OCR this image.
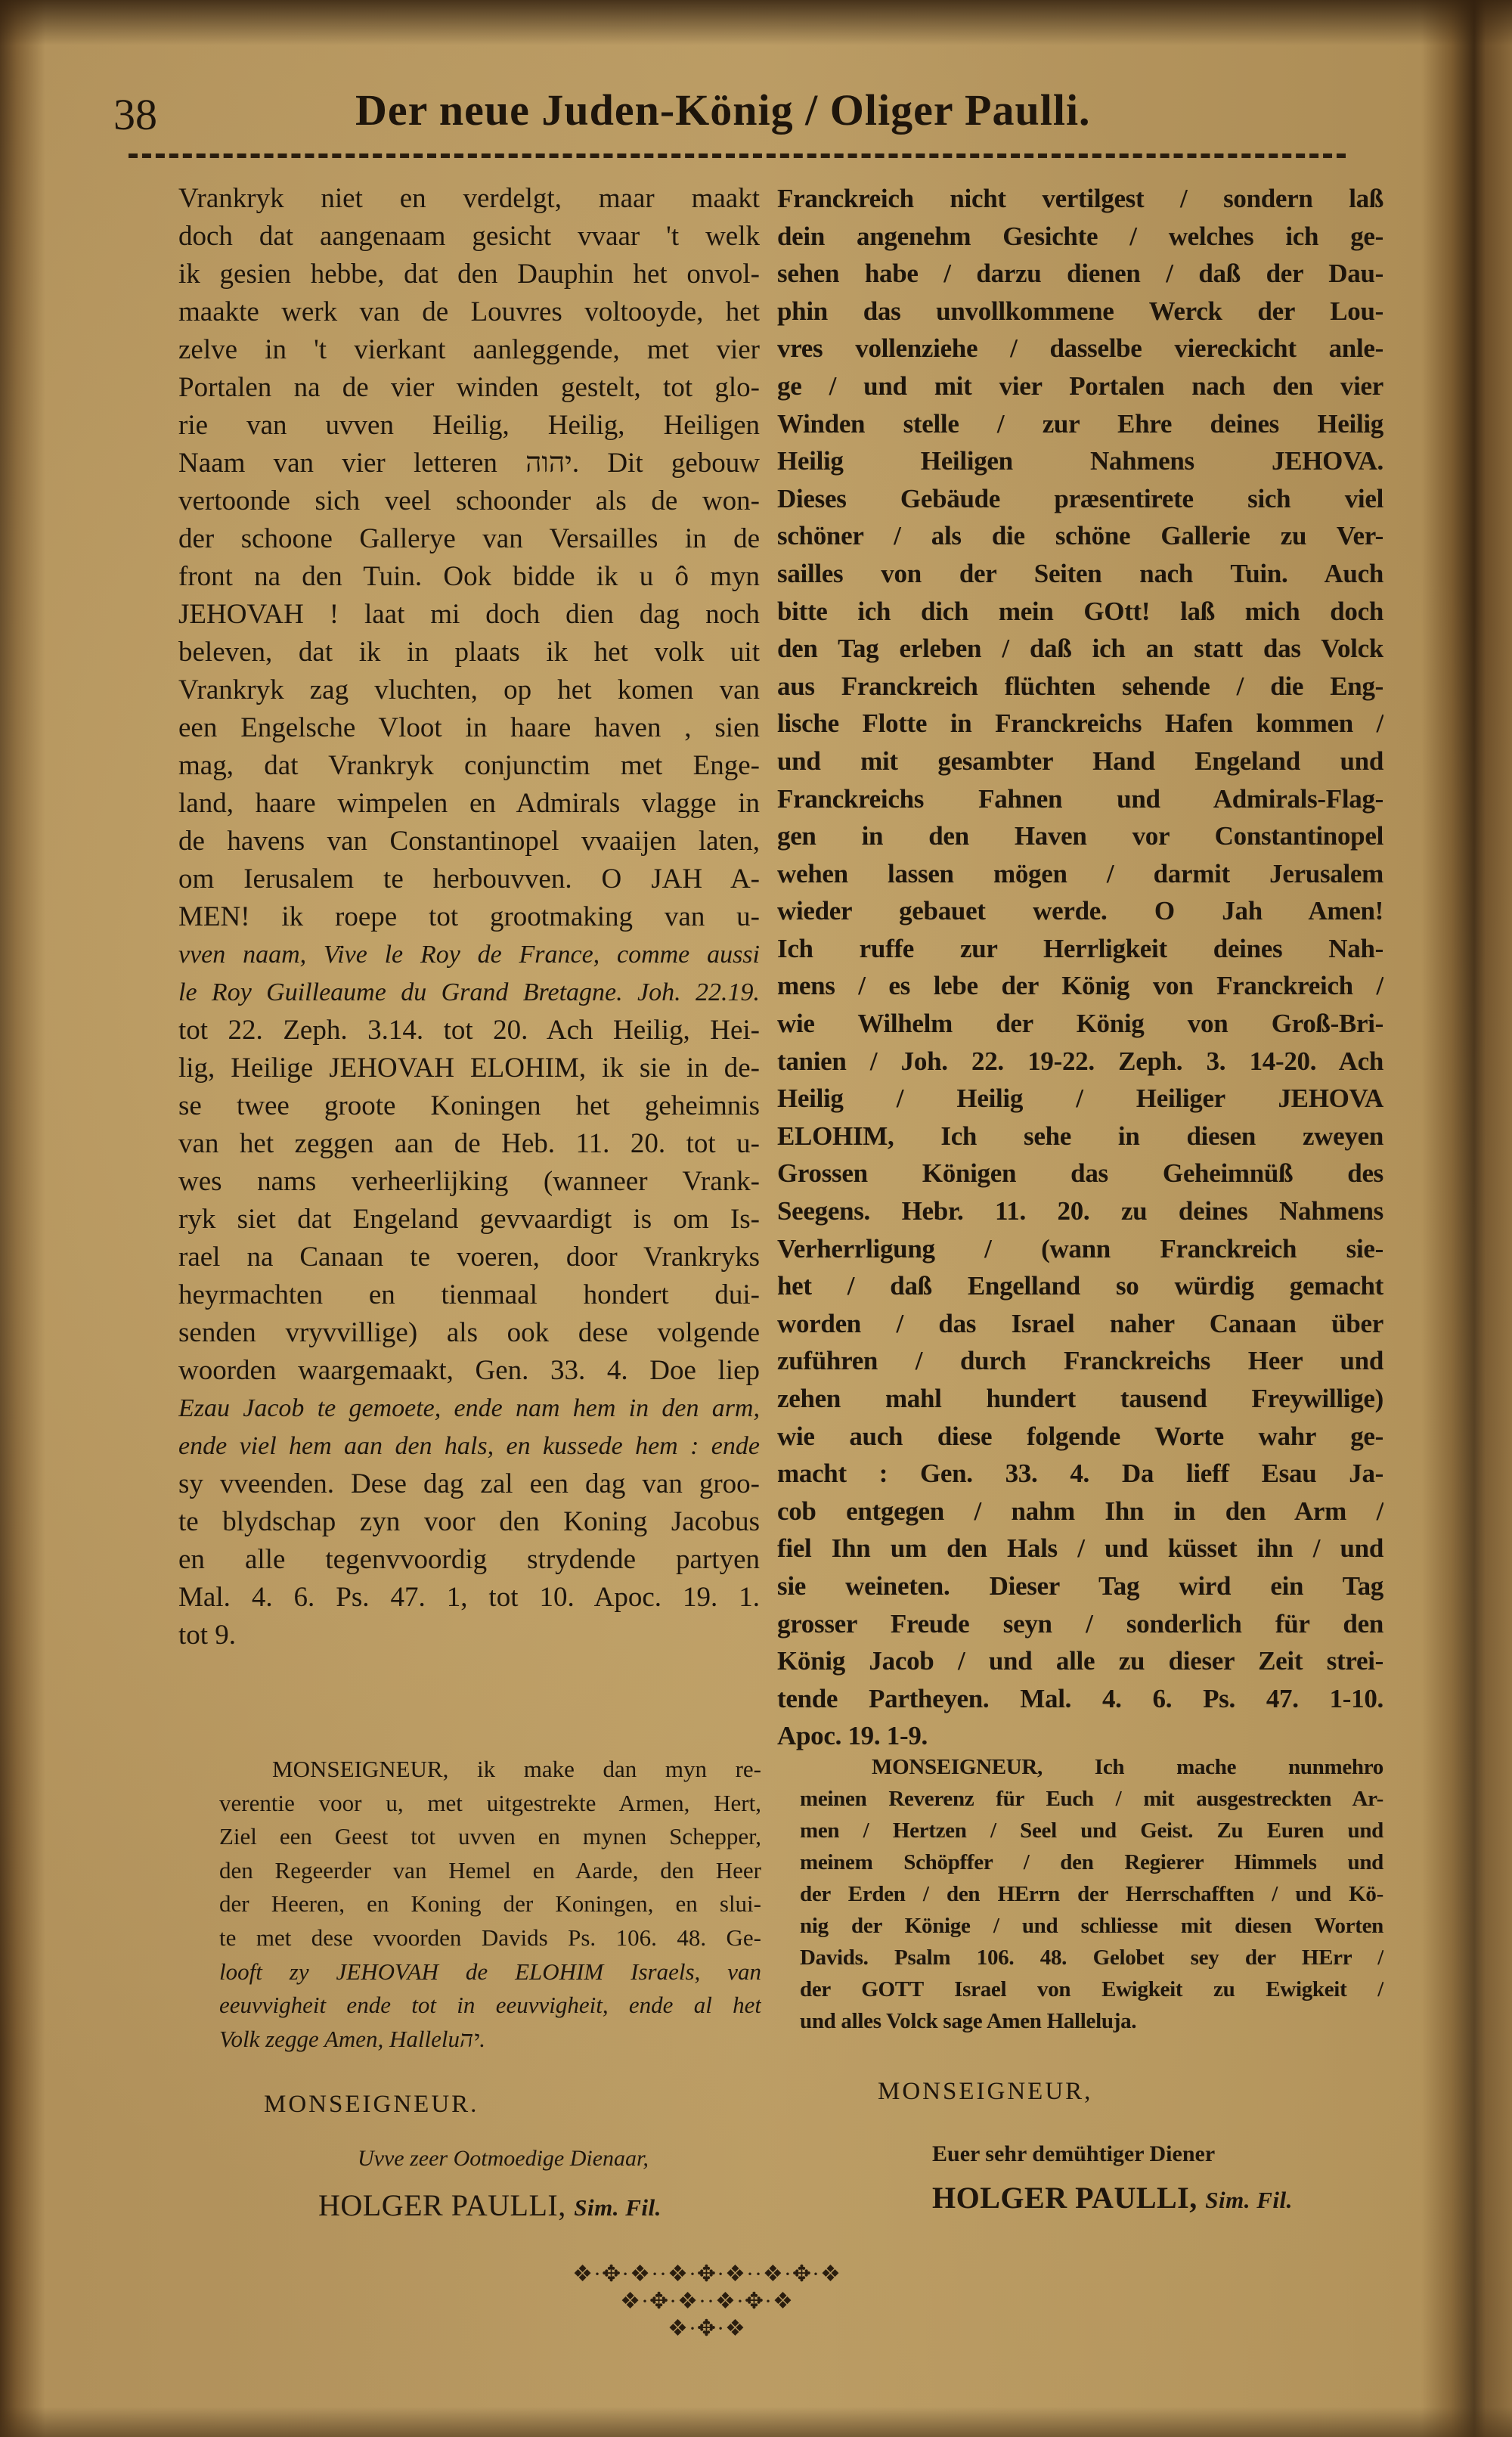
38	Der neue Juden-König / Oliger Paulli.
Vrankryk niet en verdelgt, maar maakt
doch dat aangenaam gesicht vvaar 't welk
ik gesien hebbe, dat den Dauphin het onvol-
maakte werk van de Louvres voltooyde, het
zelve in 't vierkant aanleggende, met vier
Portalen na de vier winden gestelt, tot glo-
rie van uvven Heilig, Heilig, Heiligen
Naam van vier letteren יהוה. Dit gebouw
vertoonde sich veel schoonder als de won-
der schoone Gallerye van Versailles in de
front na den Tuin. Ook bidde ik u ô myn
JEHOVAH ! laat mi doch dien dag noch
beleven, dat ik in plaats ik het volk uit
Vrankryk zag vluchten, op het komen van
een Engelsche Vloot in haare haven , sien
mag, dat Vrankryk conjunctim met Enge-
land, haare wimpelen en Admirals vlagge in
de havens van Constantinopel vvaaijen laten,
om Ierusalem te herbouvven. O JAH A-
MEN! ik roepe tot grootmaking van u-
vven naam, Vive le Roy de France, comme aussi
le Roy Guilleaume du Grand Bretagne. Joh. 22.19.
tot 22. Zeph. 3.14. tot 20. Ach Heilig, Hei-
lig, Heilige JEHOVAH ELOHIM, ik sie in de-
se twee groote Koningen het geheimnis
van het zeggen aan de Heb. 11. 20. tot u-
wes nams verheerlijking (wanneer Vrank-
ryk siet dat Engeland gevvaardigt is om Is-
rael na Canaan te voeren, door Vrankryks
heyrmachten en tienmaal hondert dui-
senden vryvvillige) als ook dese volgende
woorden waargemaakt, Gen. 33. 4. Doe liep
Ezau Jacob te gemoete, ende nam hem in den arm,
ende viel hem aan den hals, en kussede hem : ende
sy vveenden. Dese dag zal een dag van groo-
te blydschap zyn voor den Koning Jacobus
en alle tegenvvoordig strydende partyen
Mal. 4. 6. Ps. 47. 1, tot 10. Apoc. 19. 1.
tot 9.
Franckreich nicht vertilgest / sondern laß
dein angenehm Gesichte / welches ich ge-
sehen habe / darzu dienen / daß der Dau-
phin das unvollkommene Werck der Lou-
vres vollenziehe / dasselbe viereckicht anle-
ge / und mit vier Portalen nach den vier
Winden stelle / zur Ehre deines Heilig
Heilig Heiligen Nahmens JEHOVA.
Dieses Gebäude præsentirete sich viel
schöner / als die schöne Gallerie zu Ver-
sailles von der Seiten nach Tuin. Auch
bitte ich dich mein GOtt! laß mich doch
den Tag erleben / daß ich an statt das Volck
aus Franckreich flüchten sehende / die Eng-
lische Flotte in Franckreichs Hafen kommen /
und mit gesambter Hand Engeland und
Franckreichs Fahnen und Admirals-Flag-
gen in den Haven vor Constantinopel
wehen lassen mögen / darmit Jerusalem
wieder gebauet werde. O Jah Amen!
Ich ruffe zur Herrligkeit deines Nah-
mens / es lebe der König von Franckreich /
wie Wilhelm der König von Groß-Bri-
tanien / Joh. 22. 19-22. Zeph. 3. 14-20. Ach
Heilig / Heilig / Heiliger JEHOVA
ELOHIM, Ich sehe in diesen zweyen
Grossen Königen das Geheimnüß des
Seegens. Hebr. 11. 20. zu deines Nahmens
Verherrligung / (wann Franckreich sie-
het / daß Engelland so würdig gemacht
worden / das Israel naher Canaan über
zuführen / durch Franckreichs Heer und
zehen mahl hundert tausend Freywillige)
wie auch diese folgende Worte wahr ge-
macht : Gen. 33. 4. Da lieff Esau Ja-
cob entgegen / nahm Ihn in den Arm /
fiel Ihn um den Hals / und küsset ihn / und
sie weineten. Dieser Tag wird ein Tag
grosser Freude seyn / sonderlich für den
König Jacob / und alle zu dieser Zeit strei-
tende Partheyen. Mal. 4. 6. Ps. 47. 1-10.
Apoc. 19. 1-9.
MONSEIGNEUR, ik make dan myn re-
verentie voor u, met uitgestrekte Armen, Hert,
Ziel een Geest tot uvven en mynen Schepper,
den Regeerder van Hemel en Aarde, den Heer
der Heeren, en Koning der Koningen, en slui-
te met dese vvoorden Davids Ps. 106. 48. Ge-
looft zy JEHOVAH de ELOHIM Israels, van
eeuvvigheit ende tot in eeuvvigheit, ende al het
Volk zegge Amen, Halleluיה.
MONSEIGNEUR, Ich mache nunmehro
meinen Reverenz für Euch / mit ausgestreckten Ar-
men / Hertzen / Seel und Geist. Zu Euren und
meinem Schöpffer / den Regierer Himmels und
der Erden / den HErrn der Herrschafften / und Kö-
nig der Könige / und schliesse mit diesen Worten
Davids. Psalm 106. 48. Gelobet sey der HErr /
der GOTT Israel von Ewigkeit zu Ewigkeit /
und alles Volck sage Amen Halleluja.
MONSEIGNEUR.	MONSEIGNEUR,
Uvve zeer Ootmoedige Dienaar,	Euer sehr demühtiger Diener
HOLGER PAULLI, Sim. Fil.	HOLGER PAULLI, Sim. Fil.
❖·✥·❖··❖·✥·❖··❖·✥·❖
❖·✥·❖··❖·✥·❖
❖·✥·❖
